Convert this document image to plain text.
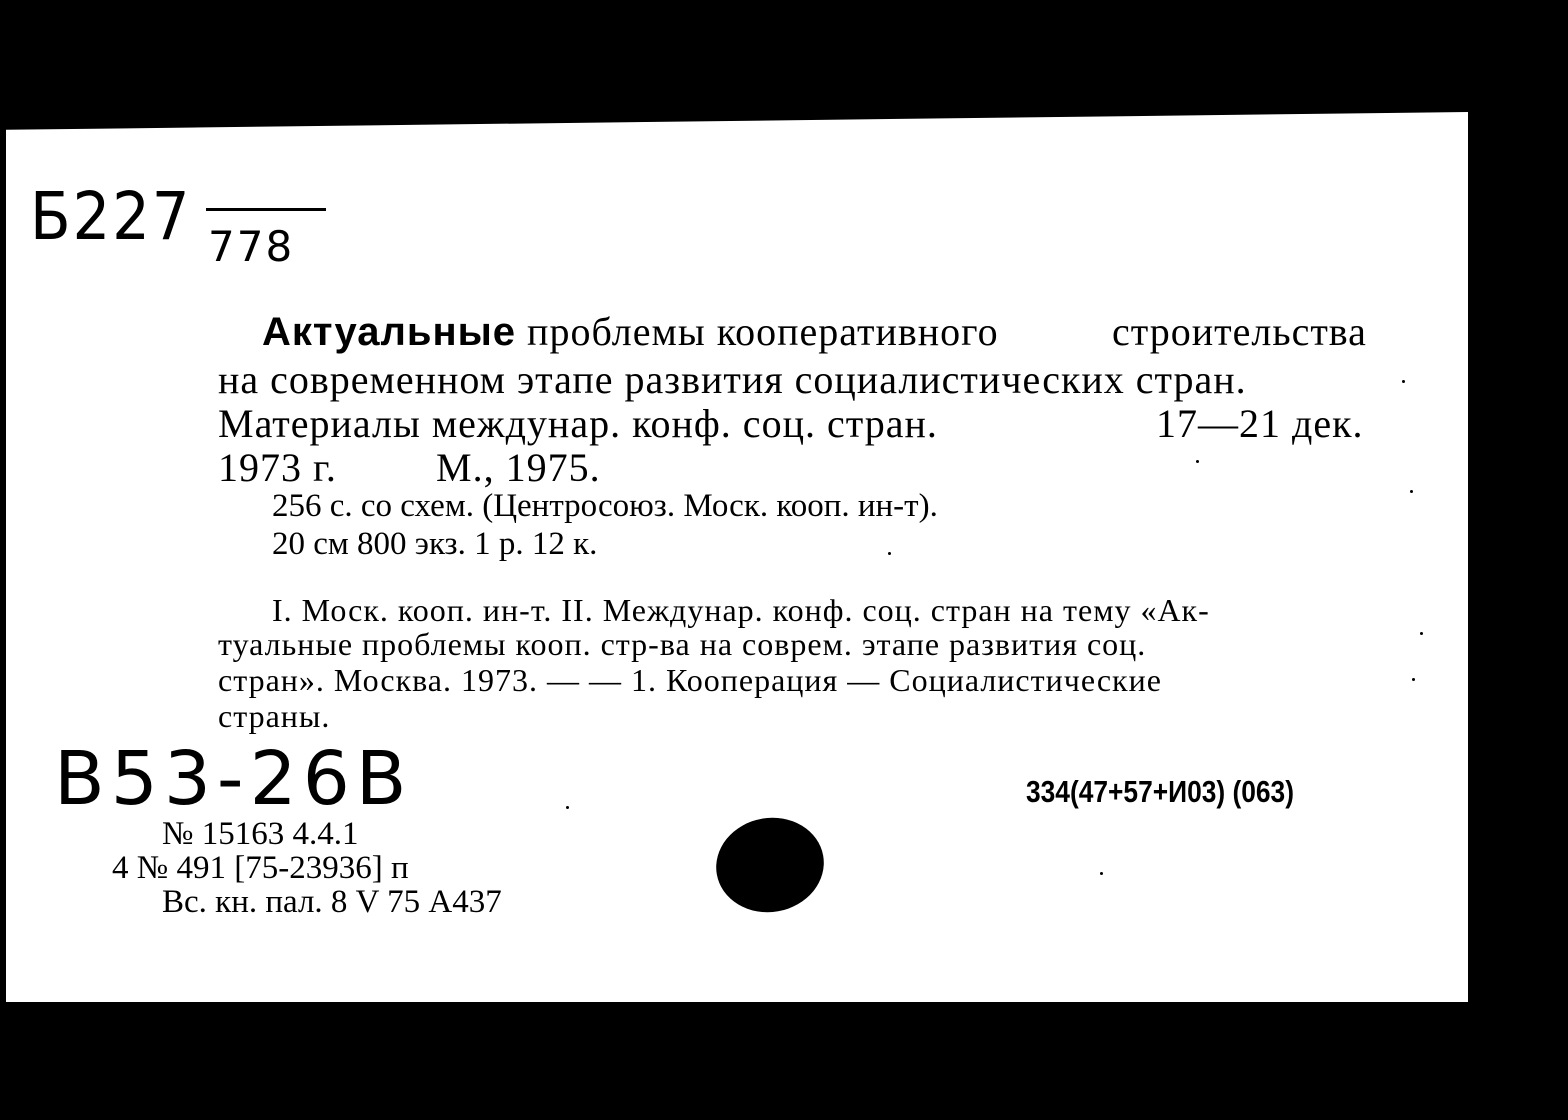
Б227 778
Актуальные проблемы кооперативного	строительства
на современном этапе развития социалистических стран.
Материалы междунар. конф. соц. стран.	17—21 дек.
1973 г. М., 1975.
256 с. со схем. (Центросоюз. Моск. кооп. ин-т).
20 см 800 экз. 1 р. 12 к.
I. Моск. кооп. ин-т. II. Междунар. конф. соц. стран на тему «Ак-
туальные проблемы кооп. стр-ва на соврем. этапе развития соц.
стран». Москва. 1973. — — 1. Кооперация — Социалистические
страны.
В53-26В	334(47+57+И03) (063)
№ 15163 4.4.1
4 № 491 [75-23936] п
Вс. кн. пал. 8 V 75 А437
